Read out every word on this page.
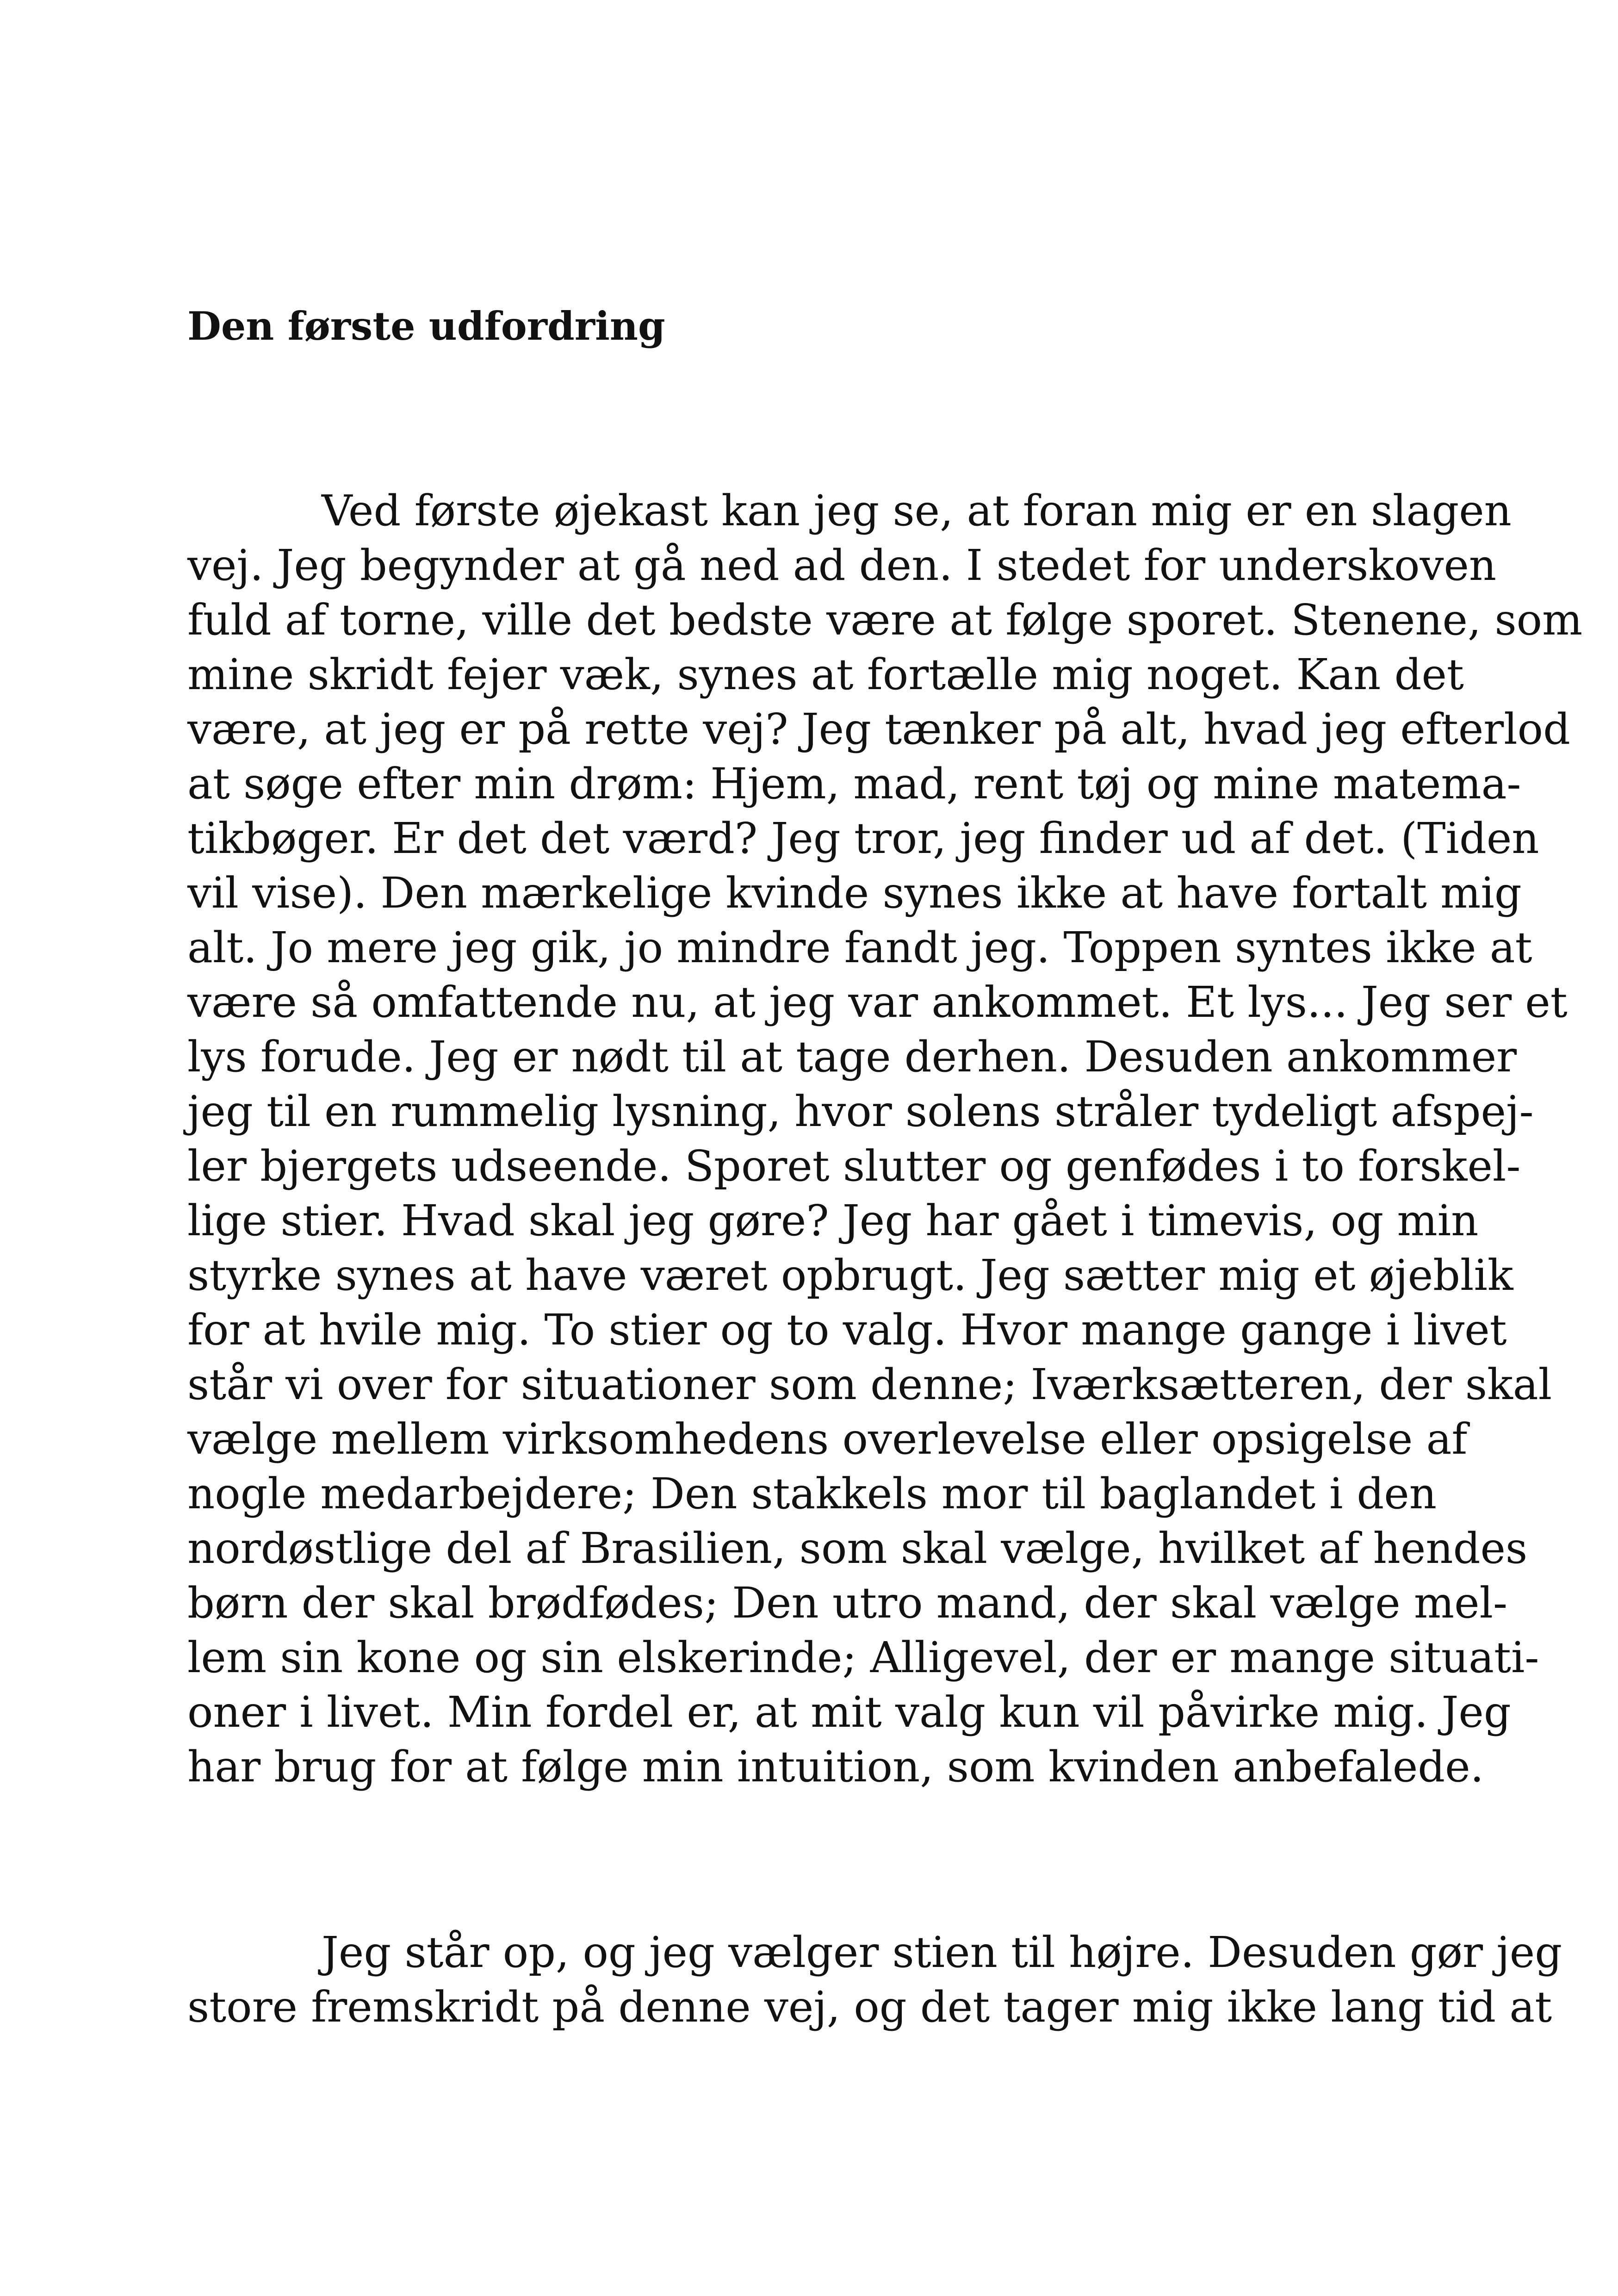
Den første udfordring
Ved første øjekast kan jeg se, at foran mig er en slagen
vej. Jeg begynder at gå ned ad den. I stedet for underskoven
fuld af torne, ville det bedste være at følge sporet. Stenene, som
mine skridt fejer væk, synes at fortælle mig noget. Kan det
være, at jeg er på rette vej? Jeg tænker på alt, hvad jeg efterlod
at søge efter min drøm: Hjem, mad, rent tøj og mine matema-
tikbøger. Er det det værd? Jeg tror, jeg finder ud af det. (Tiden
vil vise). Den mærkelige kvinde synes ikke at have fortalt mig
alt. Jo mere jeg gik, jo mindre fandt jeg. Toppen syntes ikke at
være så omfattende nu, at jeg var ankommet. Et lys... Jeg ser et
lys forude. Jeg er nødt til at tage derhen. Desuden ankommer
jeg til en rummelig lysning, hvor solens stråler tydeligt afspej-
ler bjergets udseende. Sporet slutter og genfødes i to forskel-
lige stier. Hvad skal jeg gøre? Jeg har gået i timevis, og min
styrke synes at have været opbrugt. Jeg sætter mig et øjeblik
for at hvile mig. To stier og to valg. Hvor mange gange i livet
står vi over for situationer som denne; Iværksætteren, der skal
vælge mellem virksomhedens overlevelse eller opsigelse af
nogle medarbejdere; Den stakkels mor til baglandet i den
nordøstlige del af Brasilien, som skal vælge, hvilket af hendes
børn der skal brødfødes; Den utro mand, der skal vælge mel-
lem sin kone og sin elskerinde; Alligevel, der er mange situati-
oner i livet. Min fordel er, at mit valg kun vil påvirke mig. Jeg
har brug for at følge min intuition, som kvinden anbefalede.
Jeg står op, og jeg vælger stien til højre. Desuden gør jeg
store fremskridt på denne vej, og det tager mig ikke lang tid at
